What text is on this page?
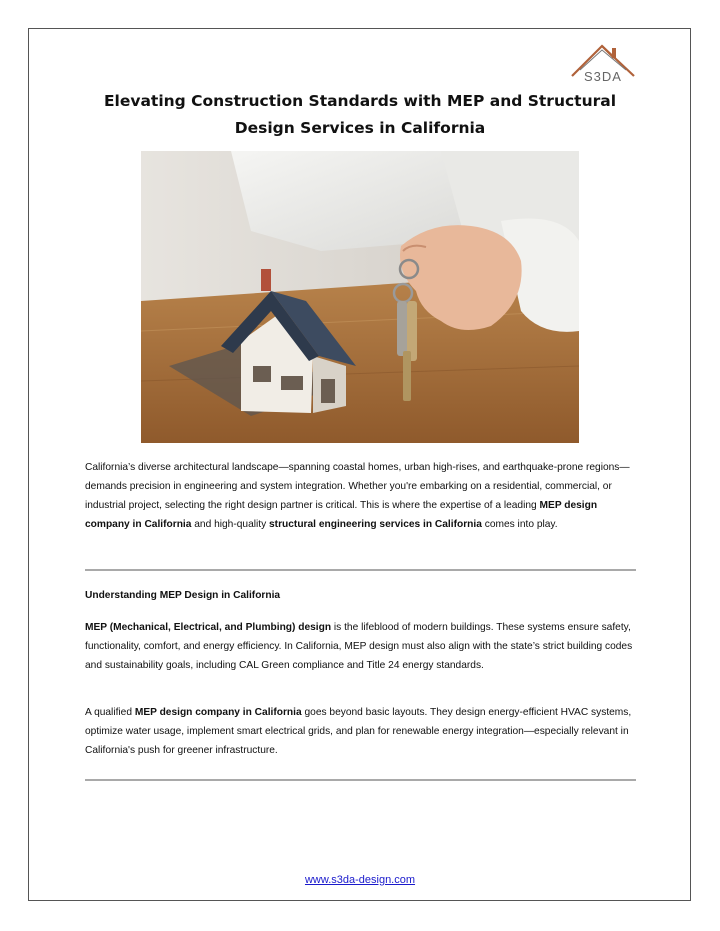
S3DA
Elevating Construction Standards with MEP and Structural Design Services in California

California’s diverse architectural landscape—spanning coastal homes, urban high-rises, and earthquake-prone regions—demands precision in engineering and system integration. Whether you're embarking on a residential, commercial, or industrial project, selecting the right design partner is critical. This is where the expertise of a leading MEP design company in California and high-quality structural engineering services in California comes into play.

Understanding MEP Design in California

MEP (Mechanical, Electrical, and Plumbing) design is the lifeblood of modern buildings. These systems ensure safety, functionality, comfort, and energy efficiency. In California, MEP design must also align with the state’s strict building codes and sustainability goals, including CAL Green compliance and Title 24 energy standards.

A qualified MEP design company in California goes beyond basic layouts. They design energy-efficient HVAC systems, optimize water usage, implement smart electrical grids, and plan for renewable energy integration—especially relevant in California's push for greener infrastructure.

www.s3da-design.com
